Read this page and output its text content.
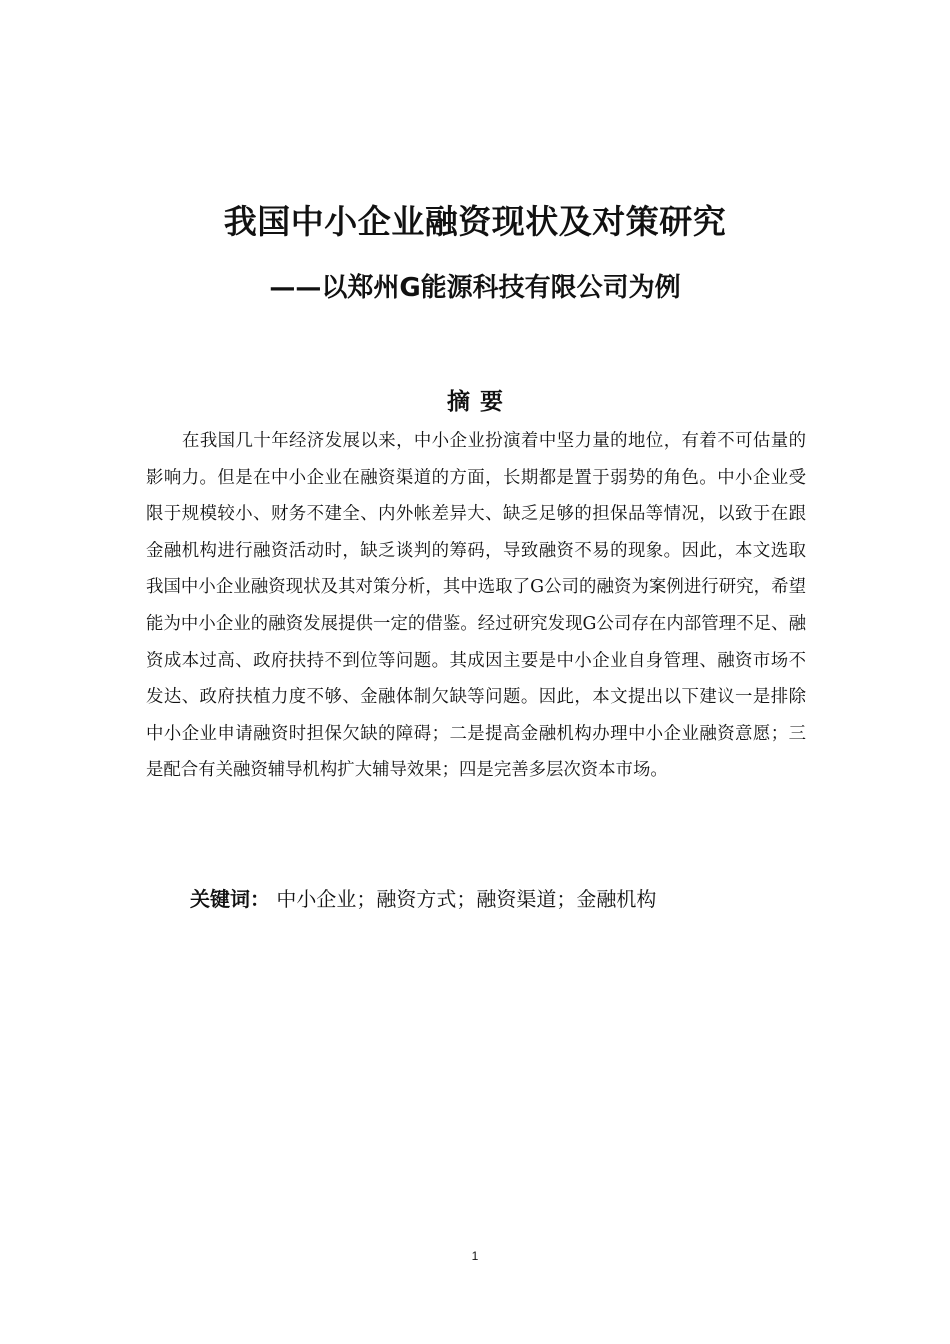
我国中小企业融资现状及对策研究
——以郑州G能源科技有限公司为例
摘要

在我国几十年经济发展以来，中小企业扮演着中坚力量的地位，有着不可估量的影响力。但是在中小企业在融资渠道的方面，长期都是置于弱势的角色。中小企业受限于规模较小、财务不建全、内外帐差异大、缺乏足够的担保品等情况，以致于在跟金融机构进行融资活动时，缺乏谈判的筹码，导致融资不易的现象。因此，本文选取我国中小企业融资现状及其对策分析，其中选取了G公司的融资为案例进行研究，希望能为中小企业的融资发展提供一定的借鉴。经过研究发现G公司存在内部管理不足、融资成本过高、政府扶持不到位等问题。其成因主要是中小企业自身管理、融资市场不发达、政府扶植力度不够、金融体制欠缺等问题。因此，本文提出以下建议一是排除中小企业申请融资时担保欠缺的障碍；二是提高金融机构办理中小企业融资意愿；三是配合有关融资辅导机构扩大辅导效果；四是完善多层次资本市场。

关键词： 中小企业；融资方式；融资渠道；金融机构
1
